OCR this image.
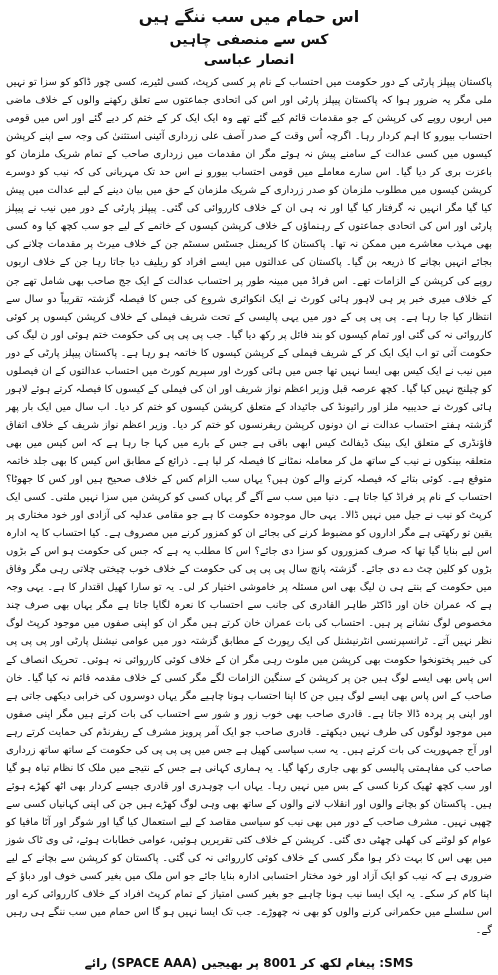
اس حمام میں سب ننگے ہیں
کس سے منصفی چاہیں
انصار عباسی

پاکستان پیپلز پارٹی کے دور حکومت میں احتساب کے نام پر کسی کرپٹ، کسی لٹیرے، کسی چور ڈاکو کو سزا تو نہیں ملی مگر یہ ضرور ہوا کہ پاکستان پیپلز پارٹی اور اس کی اتحادی جماعتوں سے تعلق رکھنے والوں کے خلاف ماضی میں اربوں روپے کی کرپشن کے جو مقدمات قائم کیے گئے تھے وہ ایک ایک کر کے ختم کر دیے گئے اور اس میں قومی احتساب بیورو کا اہم کردار رہا۔ اگرچہ اُس وقت کے صدر آصف علی زرداری آئینی استثنیٰ کی وجہ سے اپنے کرپشن کیسوں میں کسی عدالت کے سامنے پیش نہ ہوئے مگر ان مقدمات میں زرداری صاحب کے تمام شریک ملزمان کو باعزت بری کر دیا گیا۔ اس سارے معاملے میں قومی احتساب بیورو نے اس حد تک مہربانی کی کہ نیب کو دوسرے کرپشن کیسوں میں مطلوب ملزمان کو صدر زرداری کے شریک ملزمان کے حق میں بیان دینے کے لیے عدالت میں پیش کیا گیا مگر انہیں نہ گرفتار کیا گیا اور نہ ہی ان کے خلاف کارروائی کی گئی۔ پیپلز پارٹی کے دور میں نیب نے پیپلز پارٹی اور اس کی اتحادی جماعتوں کے رہنماؤں کے خلاف کرپشن کیسوں کے خاتمے کے لیے جو سب کچھ کیا وہ کسی بھی مہذب معاشرے میں ممکن نہ تھا۔ پاکستان کا کریمنل جسٹس سسٹم جن کے خلاف میرٹ پر مقدمات چلانے کی بجائے انہیں بچانے کا ذریعہ بن گیا۔ پاکستان کی عدالتوں میں ایسے افراد کو ریلیف دیا جاتا رہا جن کے خلاف اربوں روپے کی کرپشن کے الزامات تھے۔ اس فراڈ میں مبینہ طور پر احتساب عدالت کے ایک جج صاحب بھی شامل تھے جن کے خلاف میری خبر پر ہی لاہور ہائی کورٹ نے ایک انکوائری شروع کی جس کا فیصلہ گزشتہ تقریباً دو سال سے انتظار کیا جا رہا ہے۔ پی پی پی کے دور میں یہی پالیسی کے تحت شریف فیملی کے خلاف کرپشن کیسوں پر کوئی کارروائی نہ کی گئی اور تمام کیسوں کو بند فائل پر رکھ دیا گیا۔ جب پی پی پی کی حکومت ختم ہوئی اور ن لیگ کی حکومت آئی تو اب ایک ایک کر کے شریف فیملی کے کرپشن کیسوں کا خاتمہ ہو رہا ہے۔ پاکستان پیپلز پارٹی کے دور میں نیب نے ایک کیس بھی ایسا نہیں تھا جس میں ہائی کورٹ اور سپریم کورٹ میں احتساب عدالتوں کے ان فیصلوں کو چیلنج نہیں کیا گیا۔ کچھ عرصہ قبل وزیر اعظم نواز شریف اور ان کی فیملی کے کیسوں کا فیصلہ کرتے ہوئے لاہور ہائی کورٹ نے حدیبیہ ملز اور رائیونڈ کی جائیداد کے متعلق کرپشن کیسوں کو ختم کر دیا۔ اب سال میں ایک بار پھر گزشتہ ہفتے احتساب عدالت نے ان دونوں کرپشن ریفرنسوں کو ختم کر دیا۔ وزیر اعظم نواز شریف کے خلاف اتفاق فاؤنڈری کے متعلق ایک بینک ڈیفالٹ کیس ابھی باقی ہے جس کے بارے میں کہا جا رہا ہے کہ اس کیس میں بھی متعلقہ بینکوں نے نیب کے ساتھ مل کر معاملہ نمٹانے کا فیصلہ کر لیا ہے۔ ذرائع کے مطابق اس کیس کا بھی جلد خاتمہ متوقع ہے۔ کوئی بتائے کہ فیصلہ کرنے والے کون ہیں؟ یہاں سب الزام کس کے خلاف صحیح ہیں اور کس کا جھوٹا؟ احتساب کے نام پر فراڈ کیا جاتا ہے۔ دنیا میں سب سے آگے گر یہاں کسی کو کرپشن میں سزا نہیں ملتی۔ کسی ایک کرپٹ کو نیب نے جیل میں نہیں ڈالا۔ یہی حال موجودہ حکومت کا ہے جو مقامی عدلیہ کی آزادی اور خود مختاری پر یقین تو رکھتی ہے مگر اداروں کو مضبوط کرنے کی بجائے ان کو کمزور کرنے میں مصروف ہے۔ کیا احتساب کا یہ ادارہ اس لیے بنایا گیا تھا کہ صرف کمزوروں کو سزا دی جائے؟ اس کا مطلب یہ ہے کہ جس کی حکومت ہو اس کے بڑوں بڑوں کو کلین چٹ دے دی جائے۔ گزشتہ پانچ سال پی پی پی کی حکومت کے خلاف خوب چیختی چلاتی رہی مگر وفاق میں حکومت کے بنتے ہی ن لیگ بھی اس مسئلہ پر خاموشی اختیار کر لی۔ یہ تو سارا کھیل اقتدار کا ہے۔ یہی وجہ ہے کہ عمران خان اور ڈاکٹر طاہر القادری کی جانب سے احتساب کا نعرہ لگایا جاتا ہے مگر یہاں بھی صرف چند مخصوص لوگ نشانے پر ہیں۔ احتساب کی بات عمران خان کرتے ہیں مگر ان کو اپنی صفوں میں موجود کرپٹ لوگ نظر نہیں آتے۔ ٹرانسپرنسی انٹرنیشنل کی ایک رپورٹ کے مطابق گزشتہ دور میں عوامی نیشنل پارٹی اور پی پی پی کی خیبر پختونخوا حکومت بھی کرپشن میں ملوث رہی مگر ان کے خلاف کوئی کارروائی نہ ہوئی۔ تحریک انصاف کے اس پاس بھی ایسے لوگ ہیں جن پر کرپشن کے سنگین الزامات لگے مگر کسی کے خلاف مقدمہ قائم نہ کیا گیا۔ خان صاحب کے اس پاس بھی ایسے لوگ ہیں جن کا اپنا احتساب ہونا چاہیے مگر یہاں دوسروں کی خرابی دیکھی جاتی ہے اور اپنی پر پردہ ڈالا جاتا ہے۔ قادری صاحب بھی خوب زور و شور سے احتساب کی بات کرتے ہیں مگر اپنی صفوں میں موجود لوگوں کی طرف نہیں دیکھتے۔ قادری صاحب جو ایک آمر پرویز مشرف کے ریفرنڈم کی حمایت کرتے رہے اور آج جمہوریت کی بات کرتے ہیں۔ یہ سب سیاسی کھیل ہے جس میں پی پی پی کی حکومت کے ساتھ ساتھ زرداری صاحب کی مفاہمتی پالیسی کو بھی جاری رکھا گیا۔ یہ ہماری کہانی ہے جس کے نتیجے میں ملک کا نظام تباہ ہو گیا اور سب کچھ ٹھیک کرنا کسی کے بس میں نہیں رہا۔ یہاں اب چوہدری اور قادری جیسے کردار بھی اٹھ کھڑے ہوئے ہیں۔ پاکستان کو بچانے والوں اور انقلاب لانے والوں کے ساتھ بھی وہی لوگ کھڑے ہیں جن کی اپنی کہانیاں کسی سے چھپی نہیں۔ مشرف صاحب کے دور میں بھی نیب کو سیاسی مقاصد کے لیے استعمال کیا گیا اور شوگر اور آٹا مافیا کو عوام کو لوٹنے کی کھلی چھٹی دی گئی۔ کرپشن کے خلاف کئی تقریریں ہوئیں، عوامی خطابات ہوئے، ٹی وی ٹاک شوز میں بھی اس کا بہت ذکر ہوا مگر کسی کے خلاف کوئی کارروائی نہ کی گئی۔ پاکستان کو کرپشن سے بچانے کے لیے ضروری ہے کہ نیب کو ایک آزاد اور خود مختار احتسابی ادارہ بنایا جائے جو اس ملک میں بغیر کسی خوف اور دباؤ کے اپنا کام کر سکے۔ یہ ایک ایسا نیب ہونا چاہیے جو بغیر کسی امتیاز کے تمام کرپٹ افراد کے خلاف کارروائی کرے اور اس سلسلے میں حکمرانی کرنے والوں کو بھی نہ چھوڑے۔ جب تک ایسا نہیں ہو گا اس حمام میں سب ننگے ہی رہیں گے۔

SMS: پیغام لکھ کر 8001 پر بھیجیں (SPACE AAA) رائے
